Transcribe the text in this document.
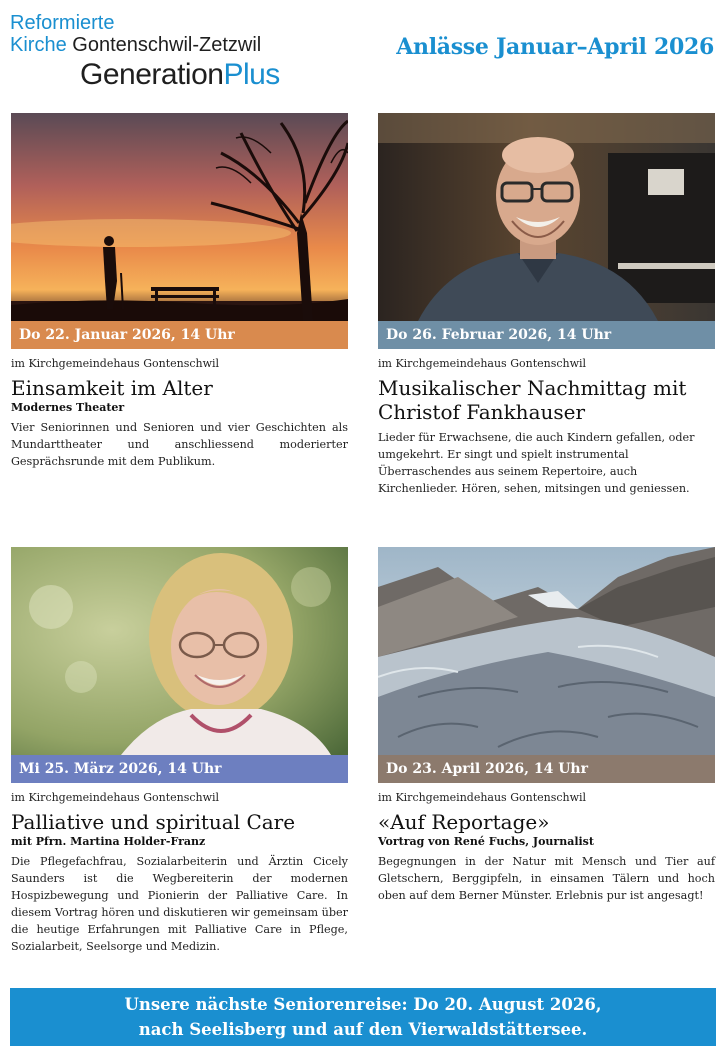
Reformierte
Kirche Gontenschwil-Zetzwil
GenerationPlus
Anlässe Januar–April 2026
Do 22. Januar 2026, 14 Uhr
im Kirchgemeindehaus Gontenschwil
Einsamkeit im Alter
Modernes Theater
Vier Seniorinnen und Senioren und vier Geschichten als Mundarttheater und anschliessend moderierter Gesprächsrunde mit dem Publikum.
Do 26. Februar 2026, 14 Uhr
im Kirchgemeindehaus Gontenschwil
Musikalischer Nachmittag mit Christof Fankhauser
Lieder für Erwachsene, die auch Kindern gefallen, oder umgekehrt. Er singt und spielt instrumental Überraschendes aus seinem Repertoire, auch Kirchenlieder. Hören, sehen, mitsingen und geniessen.
Mi 25. März 2026, 14 Uhr
im Kirchgemeindehaus Gontenschwil
Palliative und spiritual Care
mit Pfrn. Martina Holder-Franz
Die Pflegefachfrau, Sozialarbeiterin und Ärztin Cicely Saunders ist die Wegbereiterin der modernen Hospizbewegung und Pionierin der Palliative Care. In diesem Vortrag hören und diskutieren wir gemeinsam über die heutige Erfahrungen mit Palliative Care in Pflege, Sozialarbeit, Seelsorge und Medizin.
Do 23. April 2026, 14 Uhr
im Kirchgemeindehaus Gontenschwil
«Auf Reportage»
Vortrag von René Fuchs, Journalist
Begegnungen in der Natur mit Mensch und Tier auf Gletschern, Berggipfeln, in einsamen Tälern und hoch oben auf dem Berner Münster. Erlebnis pur ist angesagt!
Unsere nächste Seniorenreise: Do 20. August 2026,
nach Seelisberg und auf den Vierwaldstättersee.
